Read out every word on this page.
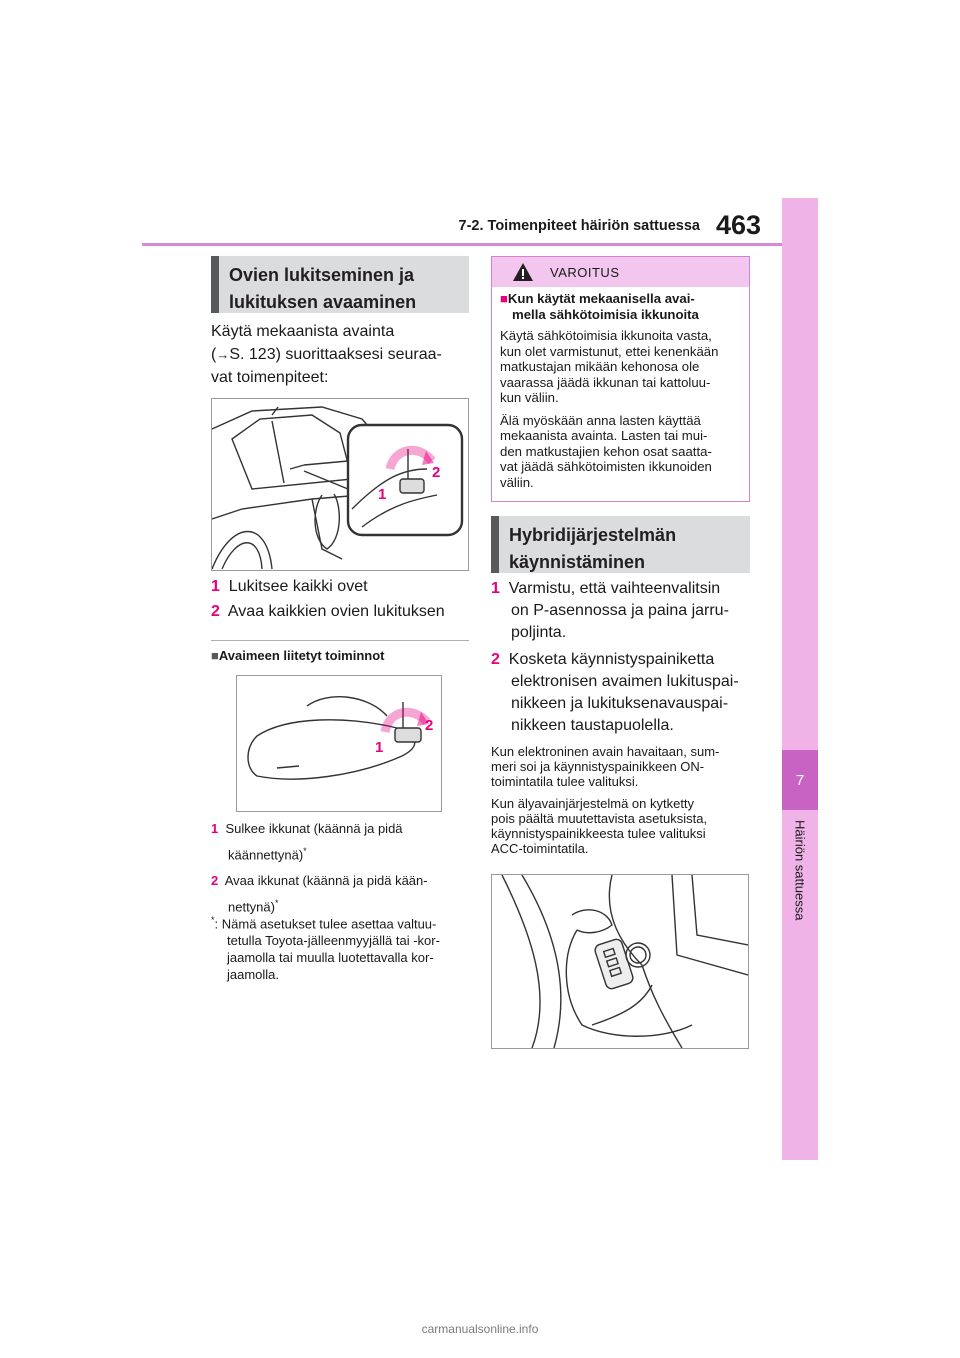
7-2. Toimenpiteet häiriön sattuessa 463
7
Häiriön sattuessa
Ovien lukitseminen ja
lukituksen avaaminen
Käytä mekaanista avainta
(→S. 123) suorittaaksesi seuraa-
vat toimenpiteet:
1
2
1 Lukitsee kaikki ovet
2 Avaa kaikkien ovien lukituksen
■Avaimeen liitetyt toiminnot
1
2
1 Sulkee ikkunat (käännä ja pidä
käännettynä)*
2 Avaa ikkunat (käännä ja pidä kään-
nettynä)*
*: Nämä asetukset tulee asettaa valtuu-
tetulla Toyota-jälleenmyyjällä tai -kor-
jaamolla tai muulla luotettavalla kor-
jaamolla.
VAROITUS

■Kun käytät mekaanisella avai-
mella sähkötoimisia ikkunoita

Käytä sähkötoimisia ikkunoita vasta,
kun olet varmistunut, ettei kenenkään
matkustajan mikään kehonosa ole
vaarassa jäädä ikkunan tai kattoluu-
kun väliin.

Älä myöskään anna lasten käyttää
mekaanista avainta. Lasten tai mui-
den matkustajien kehon osat saatta-
vat jäädä sähkötoimisten ikkunoiden
väliin.

Hybridijärjestelmän
käynnistäminen
1 Varmistu, että vaihteenvalitsin
on P-asennossa ja paina jarru-
poljinta.
2 Kosketa käynnistyspainiketta
elektronisen avaimen lukituspai-
nikkeen ja lukituksenavauspai-
nikkeen taustapuolella.
Kun elektroninen avain havaitaan, sum-
meri soi ja käynnistyspainikkeen ON-
toimintatila tulee valituksi.
Kun älyavainjärjestelmä on kytketty
pois päältä muutettavista asetuksista,
käynnistyspainikkeesta tulee valituksi
ACC-toimintatila.
carmanualsonline.info
